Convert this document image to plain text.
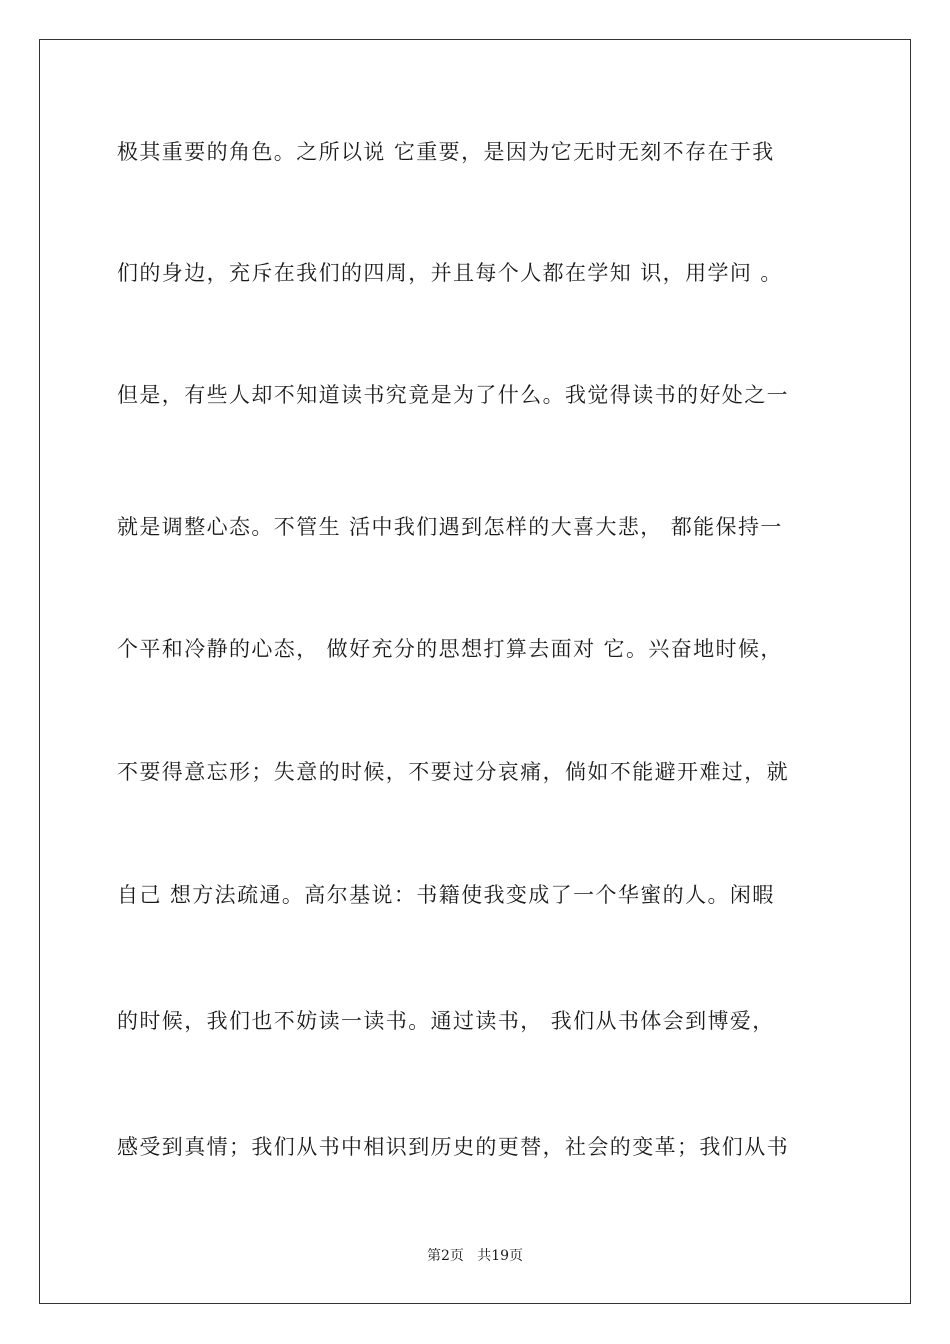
极其重要的角色。之所以说 它重要，是因为它无时无刻不存在于我
们的身边，充斥在我们的四周，并且每个人都在学知 识，用学问 。
但是，有些人却不知道读书究竟是为了什么。我觉得读书的好处之一
就是调整心态。不管生 活中我们遇到怎样的大喜大悲， 都能保持一
个平和冷静的心态， 做好充分的思想打算去面对 它。兴奋地时候，
不要得意忘形；失意的时候，不要过分哀痛，倘如不能避开难过，就
自己 想方法疏通。高尔基说：书籍使我变成了一个华蜜的人。闲暇
的时候，我们也不妨读一读书。通过读书， 我们从书体会到博爱，
感受到真情；我们从书中相识到历史的更替，社会的变革；我们从书
第2页   共19页
